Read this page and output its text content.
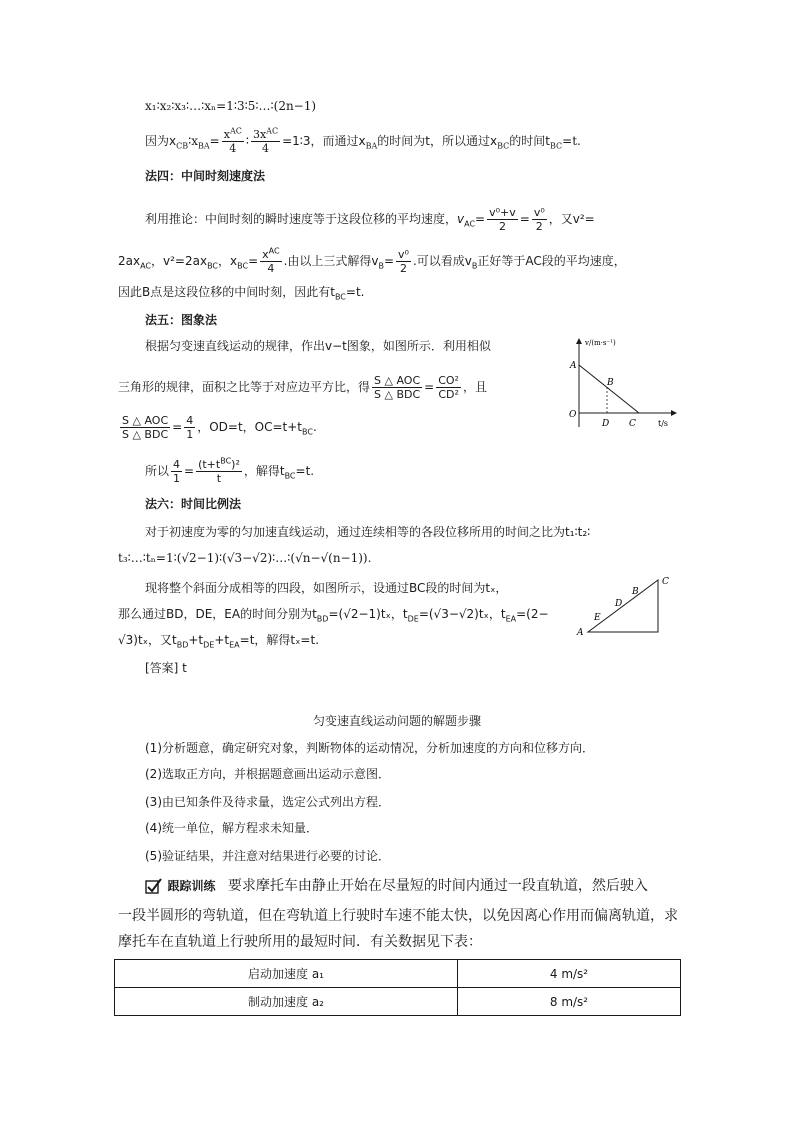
x₁∶x₂∶x₃∶…∶xₙ=1∶3∶5∶…∶(2n−1)
因为$x_{CB}∶x_{BA}= \frac{x^{AC}}{4}$ ∶ $\frac{3x^{AC}}{4}$ =1∶3，而通过$x_{BA}$的时间为t，所以通过$x_{BC}$的时间$t_{BC}=t$.
法四：中间时刻速度法
利用推论：中间时刻的瞬时速度等于这段位移的平均速度，$v_{AC}= \frac{\text{v⁰+v}}{2} = \frac{\text{v⁰}}{2}$ ，又v²=
$2ax_{AC}$，$v^2=2ax_{BC}$，$x_{BC}= \frac{x^{AC}}{4}$ .由以上三式解得$v_B= \frac{\text{v⁰}}{2}$ .可以看成$v_B$正好等于AC段的平均速度，
因此B点是这段位移的中间时刻，因此有$t_{BC}=t$.
法五：图象法
根据匀变速直线运动的规律，作出v−t图象，如图所示．利用相似
三角形的规律，面积之比等于对应边平方比，得 $\frac{\text{S △ AOC}}{\text{S △ BDC}} = \frac{\text{CO²}}{\text{CD²}}$ ，且
$\frac{\text{S △ AOC}}{\text{S △ BDC}} = \frac{4}{1}$ ，OD=t，$OC=t+t_{BC}$.
所以 $\frac{4}{1} = \frac{(t+t^{BC})^2}{t}$ ，解得$t_{BC}=t$.
v/(m·s⁻¹)
t/s
A
B
O
D C
法六：时间比例法
对于初速度为零的匀加速直线运动，通过连续相等的各段位移所用的时间之比为t₁∶t₂∶
t₃∶…∶tₙ=1∶(√2−1)∶(√3−√2)∶…∶(√n−√(n−1)).
现将整个斜面分成相等的四段，如图所示，设通过BC段的时间为tₓ，
那么通过BD，DE，EA的时间分别为$t_{BD}=(√2-1)t_x$，$t_{DE}=(√3-√2)t_x$，$t_{EA}=(2-$
√3)tₓ，又$t_{BD}+t_{DE}+t_{EA}=t$，解得tₓ=t.
C
B
D
E
A
[答案] t
匀变速直线运动问题的解题步骤
(1)分析题意，确定研究对象，判断物体的运动情况，分析加速度的方向和位移方向．
(2)选取正方向，并根据题意画出运动示意图．
(3)由已知条件及待求量，选定公式列出方程．
(4)统一单位，解方程求未知量．
(5)验证结果，并注意对结果进行必要的讨论．
跟踪训练 要求摩托车由静止开始在尽量短的时间内通过一段直轨道，然后驶入
一段半圆形的弯轨道，但在弯轨道上行驶时车速不能太快，以免因离心作用而偏离轨道，求
摩托车在直轨道上行驶所用的最短时间．有关数据见下表：
启动加速度 a₁	4 m/s²
制动加速度 a₂	8 m/s²
